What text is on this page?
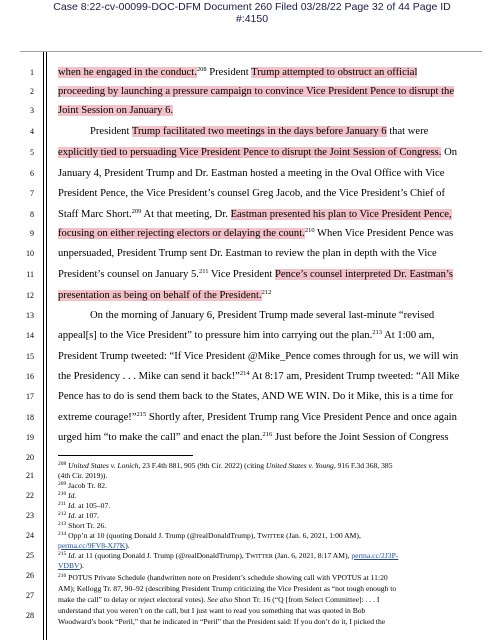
Case 8:22-cv-00099-DOC-DFM Document 260 Filed 03/28/22 Page 32 of 44 Page ID
#:4150
1
2
3
4
5
6
7
8
9
10
11
12
13
14
15
16
17
18
19
20
21
22
23
24
25
26
27
28
when he engaged in the conduct.$^{208}$ President Trump attempted to obstruct an official
proceeding by launching a pressure campaign to convince Vice President Pence to disrupt the
Joint Session on January 6.
President Trump facilitated two meetings in the days before January 6 that were
explicitly tied to persuading Vice President Pence to disrupt the Joint Session of Congress. On
January 4, President Trump and Dr. Eastman hosted a meeting in the Oval Office with Vice
President Pence, the Vice President’s counsel Greg Jacob, and the Vice President’s Chief of
Staff Marc Short.$^{209}$ At that meeting, Dr. Eastman presented his plan to Vice President Pence,
focusing on either rejecting electors or delaying the count.$^{210}$ When Vice President Pence was
unpersuaded, President Trump sent Dr. Eastman to review the plan in depth with the Vice
President’s counsel on January 5.$^{211}$ Vice President Pence’s counsel interpreted Dr. Eastman’s
presentation as being on behalf of the President.$^{212}$
On the morning of January 6, President Trump made several last-minute “revised
appeal[s] to the Vice President” to pressure him into carrying out the plan.$^{213}$ At 1:00 am,
President Trump tweeted: “If Vice President @Mike_Pence comes through for us, we will win
the Presidency . . . Mike can send it back!”$^{214}$ At 8:17 am, President Trump tweeted: “All Mike
Pence has to do is send them back to the States, AND WE WIN. Do it Mike, this is a time for
extreme courage!”$^{215}$ Shortly after, President Trump rang Vice President Pence and once again
urged him “to make the call” and enact the plan.$^{216}$ Just before the Joint Session of Congress
$^{208}$ United States v. Lonich, 23 F.4th 881, 905 (9th Cir. 2022) (citing United States v. Young, 916 F.3d 368, 385
(4th Cir. 2019)).
$^{209}$ Jacob Tr. 82.
$^{210}$ Id.
$^{211}$ Id. at 105–07.
$^{212}$ Id. at 107.
$^{213}$ Short Tr. 26.
$^{214}$ Opp’n at 10 (quoting Donald J. Trump (@realDonaldTrump), TWITTER (Jan. 6, 2021, 1:00 AM),
perma.cc/9FV8-XJ7K).
$^{215}$ Id. at 11 (quoting Donald J. Trump (@realDonaldTrump), TWITTER (Jan. 6, 2021, 8:17 AM), perma.cc/2J3P-
VDBV).
$^{216}$ POTUS Private Schedule (handwritten note on President’s schedule showing call with VPOTUS at 11:20
AM); Kellogg Tr. 87, 90–92 (describing President Trump criticizing the Vice President as “not tough enough to
make the call” to delay or reject electoral votes). See also Short Tr. 16 (“Q [from Select Committee]: . . . I
understand that you weren’t on the call, but I just want to read you something that was quoted in Bob
Woodward’s book “Peril,” that he indicated in “Peril” that the President said: If you don’t do it, I picked the
